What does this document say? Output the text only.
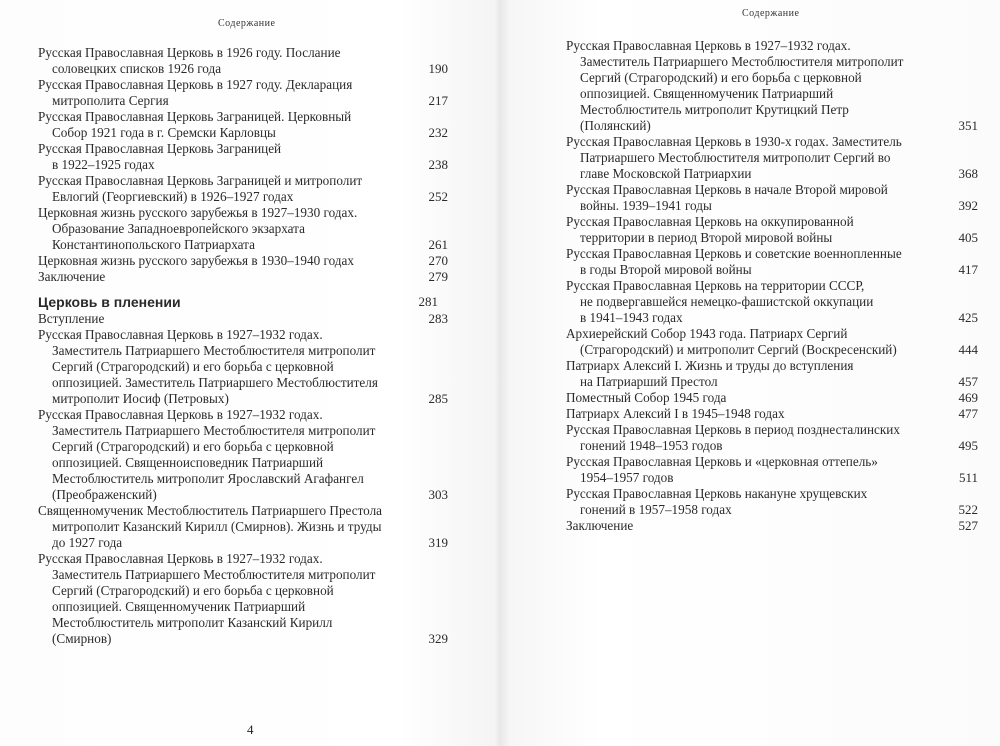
Содержание
Русская Православная Церковь в 1926 году. Послание
соловецких списков 1926 года	190
Русская Православная Церковь в 1927 году. Декларация
митрополита Сергия	217
Русская Православная Церковь Заграницей. Церковный
Собор 1921 года в г. Сремски Карловцы	232
Русская Православная Церковь Заграницей
в 1922–1925 годах	238
Русская Православная Церковь Заграницей и митрополит
Евлогий (Георгиевский) в 1926–1927 годах	252
Церковная жизнь русского зарубежья в 1927–1930 годах.
Образование Западноевропейского экзархата
Константинопольского Патриархата	261
Церковная жизнь русского зарубежья в 1930–1940 годах	270
Заключение	279
Церковь в пленении	281
Вступление	283
Русская Православная Церковь в 1927–1932 годах.
Заместитель Патриаршего Местоблюстителя митрополит
Сергий (Страгородский) и его борьба с церковной
оппозицией. Заместитель Патриаршего Местоблюстителя
митрополит Иосиф (Петровых)	285
Русская Православная Церковь в 1927–1932 годах.
Заместитель Патриаршего Местоблюстителя митрополит
Сергий (Страгородский) и его борьба с церковной
оппозицией. Священноисповедник Патриарший
Местоблюститель митрополит Ярославский Агафангел
(Преображенский)	303
Священномученик Местоблюститель Патриаршего Престола
митрополит Казанский Кирилл (Смирнов). Жизнь и труды
до 1927 года	319
Русская Православная Церковь в 1927–1932 годах.
Заместитель Патриаршего Местоблюстителя митрополит
Сергий (Страгородский) и его борьба с церковной
оппозицией. Священномученик Патриарший
Местоблюститель митрополит Казанский Кирилл
(Смирнов)	329
4
Содержание
Русская Православная Церковь в 1927–1932 годах.
Заместитель Патриаршего Местоблюстителя митрополит
Сергий (Страгородский) и его борьба с церковной
оппозицией. Священномученик Патриарший
Местоблюститель митрополит Крутицкий Петр
(Полянский)	351
Русская Православная Церковь в 1930-х годах. Заместитель
Патриаршего Местоблюстителя митрополит Сергий во
главе Московской Патриархии	368
Русская Православная Церковь в начале Второй мировой
войны. 1939–1941 годы	392
Русская Православная Церковь на оккупированной
территории в период Второй мировой войны	405
Русская Православная Церковь и советские военнопленные
в годы Второй мировой войны	417
Русская Православная Церковь на территории СССР,
не подвергавшейся немецко-фашистской оккупации
в 1941–1943 годах	425
Архиерейский Собор 1943 года. Патриарх Сергий
(Страгородский) и митрополит Сергий (Воскресенский)	444
Патриарх Алексий I. Жизнь и труды до вступления
на Патриарший Престол	457
Поместный Собор 1945 года	469
Патриарх Алексий I в 1945–1948 годах	477
Русская Православная Церковь в период позднесталинских
гонений 1948–1953 годов	495
Русская Православная Церковь и «церковная оттепель»
1954–1957 годов	511
Русская Православная Церковь накануне хрущевских
гонений в 1957–1958 годах	522
Заключение	527
